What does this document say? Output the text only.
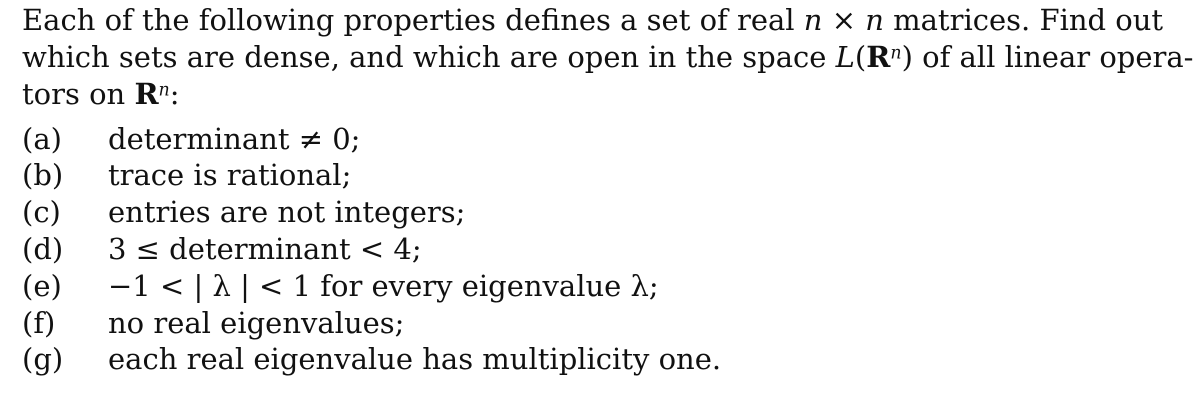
Each of the following properties defines a set of real n × n matrices. Find out
which sets are dense, and which are open in the space $L(R^n)$ of all linear opera-
tors on $R^n$:
(a) determinant ≠ 0;
(b) trace is rational;
(c) entries are not integers;
(d) 3 ≤ determinant < 4;
(e) −1 < | λ | < 1 for every eigenvalue λ;
(f) no real eigenvalues;
(g) each real eigenvalue has multiplicity one.
